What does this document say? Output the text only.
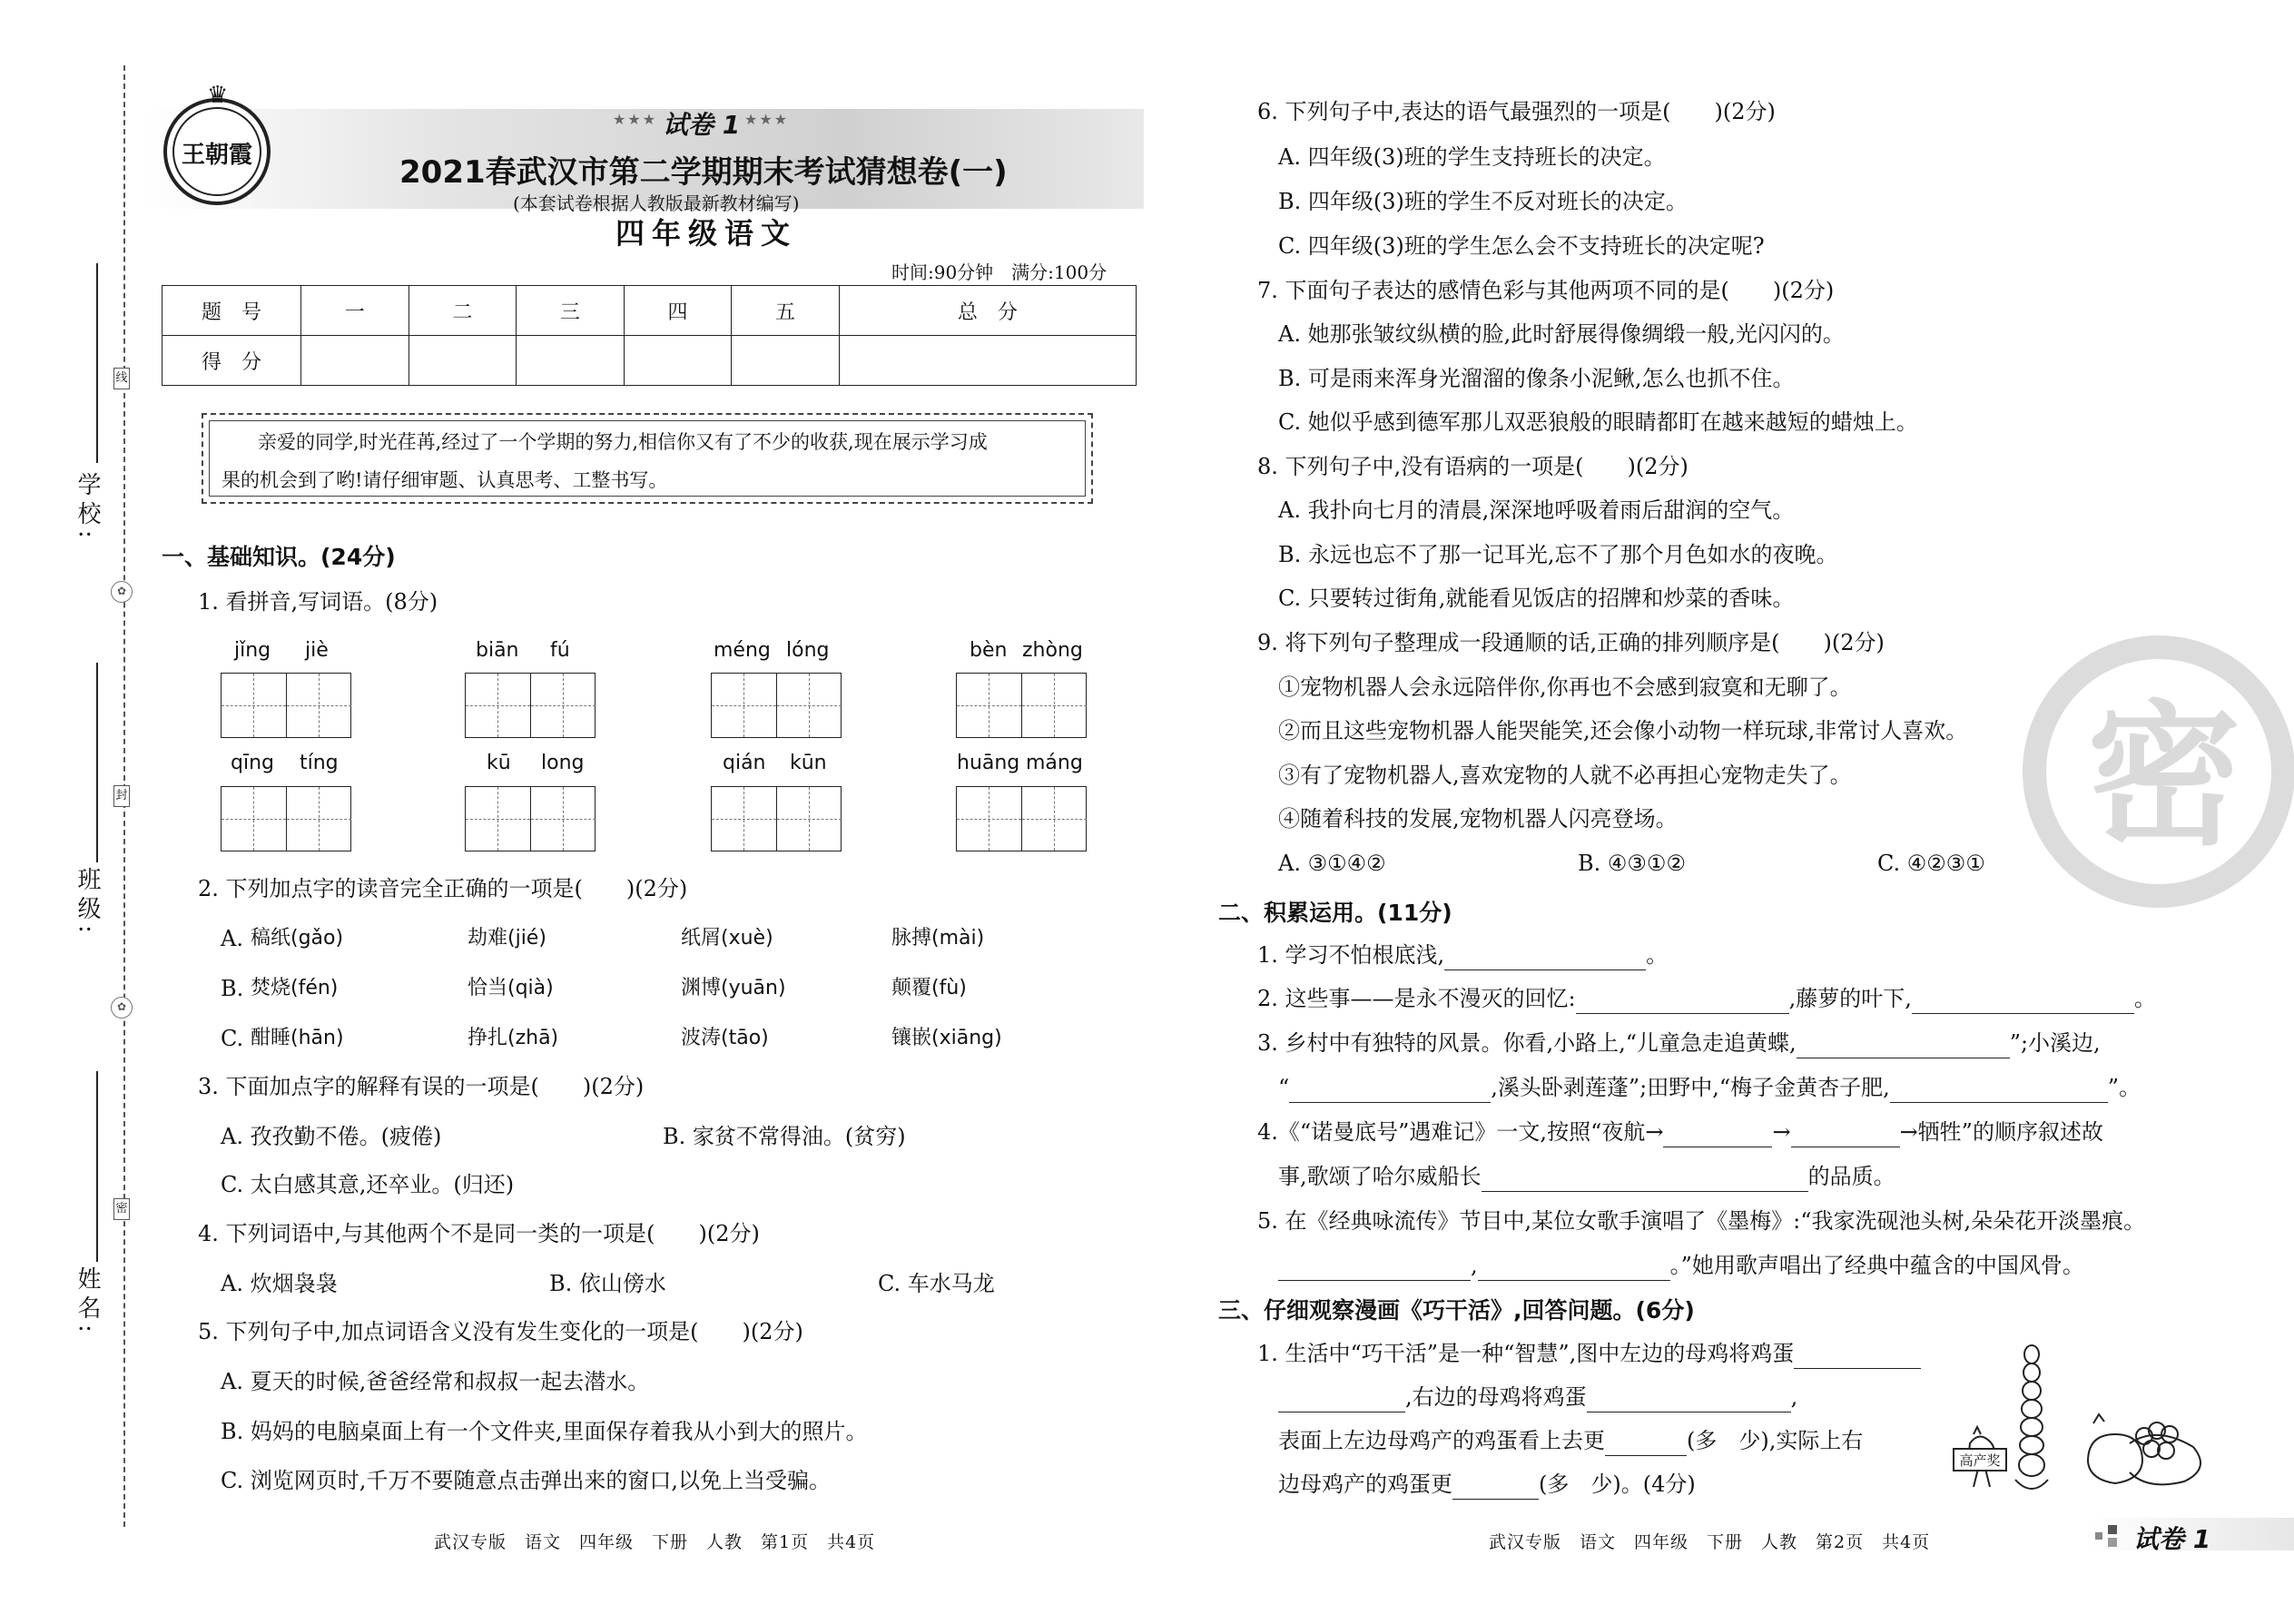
学校:
班级:
姓名:
线
封
密
✿
✿
王朝霞
♛
★★★ 试卷 1 ★★★
2021春武汉市第二学期期末考试猜想卷(一)
(本套试卷根据人教版最新教材编写)
四年级语文
时间:90分钟　满分:100分
题　号	一	二	三	四	五	总　分
得　分						
亲爱的同学,时光荏苒,经过了一个学期的努力,相信你又有了不少的收获,现在展示学习成
果的机会到了哟!请仔细审题、认真思考、工整书写。
一、基础知识。(24分)
1. 看拼音,写词语。(8分)
jǐng jiè	biān fú	méng lóng	bèn zhòng
qīng tíng	kū long	qián kūn	huāng máng
2. 下列加点字的读音完全正确的一项是(　　)(2分)
A. 稿纸(gǎo)	劫难(jié)	纸屑(xuè)	脉搏(mài)
B. 焚烧(fén)	恰当(qià)	渊博(yuān)	颠覆(fù)
C. 酣睡(hān)	挣扎(zhā)	波涛(tāo)	镶嵌(xiāng)
3. 下面加点字的解释有误的一项是(　　)(2分)
A. 孜孜勤不倦。(疲倦)	B. 家贫不常得油。(贫穷)
C. 太白感其意,还卒业。(归还)
4. 下列词语中,与其他两个不是同一类的一项是(　　)(2分)
A. 炊烟袅袅	B. 依山傍水	C. 车水马龙
5. 下列句子中,加点词语含义没有发生变化的一项是(　　)(2分)
A. 夏天的时候,爸爸经常和叔叔一起去潜水。
B. 妈妈的电脑桌面上有一个文件夹,里面保存着我从小到大的照片。
C. 浏览网页时,千万不要随意点击弹出来的窗口,以免上当受骗。
武汉专版　语文　四年级　下册　人教　第1页　共4页
密
6. 下列句子中,表达的语气最强烈的一项是(　　)(2分)
A. 四年级(3)班的学生支持班长的决定。
B. 四年级(3)班的学生不反对班长的决定。
C. 四年级(3)班的学生怎么会不支持班长的决定呢?
7. 下面句子表达的感情色彩与其他两项不同的是(　　)(2分)
A. 她那张皱纹纵横的脸,此时舒展得像绸缎一般,光闪闪的。
B. 可是雨来浑身光溜溜的像条小泥鳅,怎么也抓不住。
C. 她似乎感到德军那儿双恶狼般的眼睛都盯在越来越短的蜡烛上。
8. 下列句子中,没有语病的一项是(　　)(2分)
A. 我扑向七月的清晨,深深地呼吸着雨后甜润的空气。
B. 永远也忘不了那一记耳光,忘不了那个月色如水的夜晚。
C. 只要转过街角,就能看见饭店的招牌和炒菜的香味。
9. 将下列句子整理成一段通顺的话,正确的排列顺序是(　　)(2分)
①宠物机器人会永远陪伴你,你再也不会感到寂寞和无聊了。
②而且这些宠物机器人能哭能笑,还会像小动物一样玩球,非常讨人喜欢。
③有了宠物机器人,喜欢宠物的人就不必再担心宠物走失了。
④随着科技的发展,宠物机器人闪亮登场。
A. ③①④②	B. ④③①②	C. ④②③①
二、积累运用。(11分)
1. 学习不怕根底浅,	。
2. 这些事——是永不漫灭的回忆:	,藤萝的叶下,	。
3. 乡村中有独特的风景。你看,小路上,“儿童急走追黄蝶,	”;小溪边,
“	,溪头卧剥莲蓬”;田野中,“梅子金黄杏子肥,	”。
4.《“诺曼底号”遇难记》一文,按照“夜航→	→	→牺牲”的顺序叙述故
事,歌颂了哈尔威船长	的品质。
5. 在《经典咏流传》节目中,某位女歌手演唱了《墨梅》:“我家洗砚池头树,朵朵花开淡墨痕。
,	。”她用歌声唱出了经典中蕴含的中国风骨。
三、仔细观察漫画《巧干活》,回答问题。(6分)
1. 生活中“巧干活”是一种“智慧”,图中左边的母鸡将鸡蛋
,右边的母鸡将鸡蛋	,
表面上左边母鸡产的鸡蛋看上去更	(多　少),实际上右
边母鸡产的鸡蛋更	(多　少)。(4分)
高产奖
武汉专版　语文　四年级　下册　人教　第2页　共4页	试卷 1
